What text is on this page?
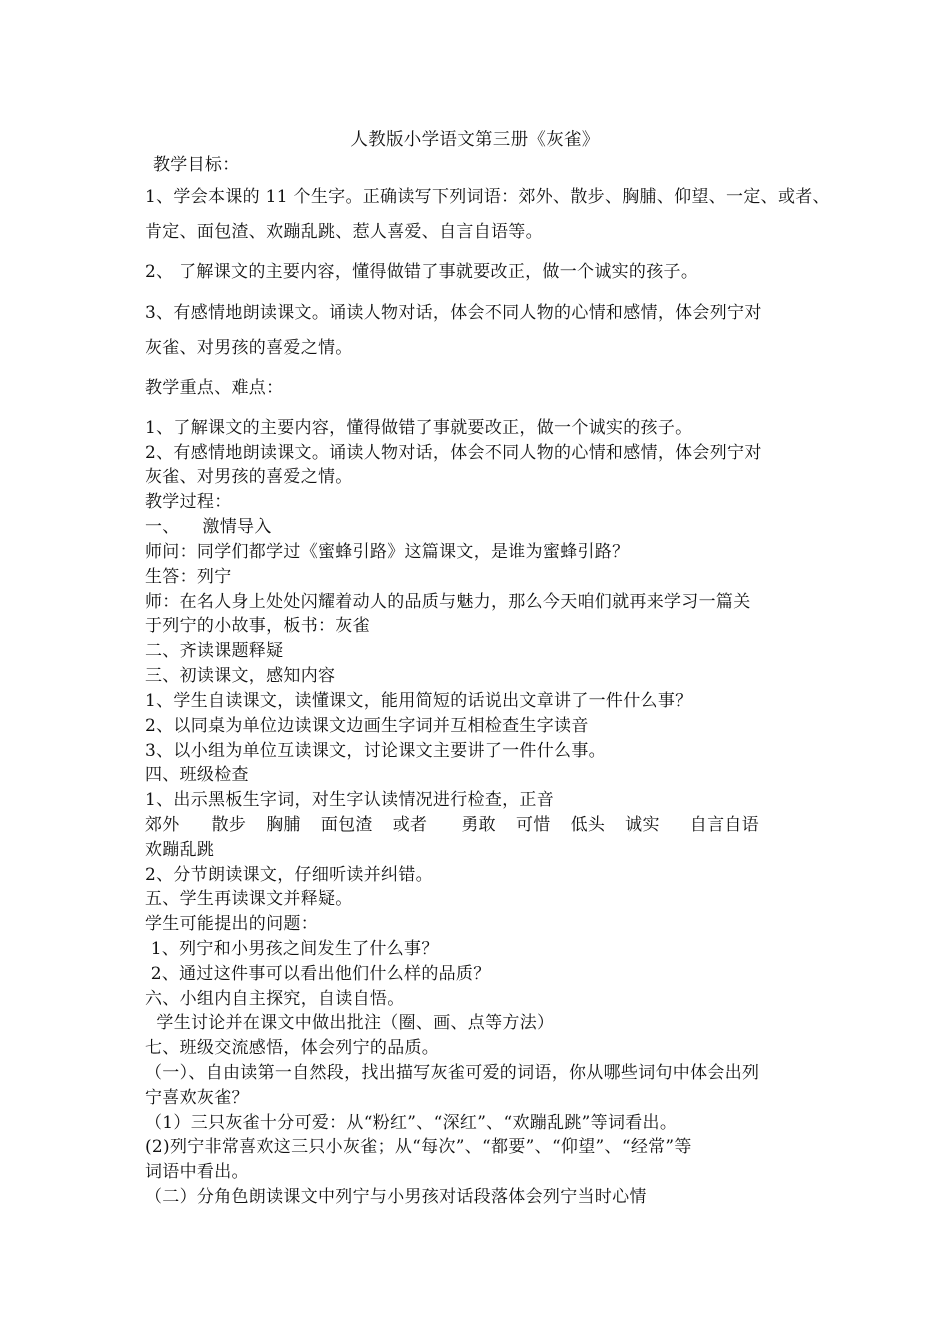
人教版小学语文第三册《灰雀》

教学目标：

1、学会本课的 11 个生字。正确读写下列词语：郊外、散步、胸脯、仰望、一定、或者、

肯定、面包渣、欢蹦乱跳、惹人喜爱、自言自语等。

2、 了解课文的主要内容，懂得做错了事就要改正，做一个诚实的孩子。

3、有感情地朗读课文。诵读人物对话，体会不同人物的心情和感情，体会列宁对

灰雀、对男孩的喜爱之情。

教学重点、难点：

1、了解课文的主要内容，懂得做错了事就要改正，做一个诚实的孩子。

2、有感情地朗读课文。诵读人物对话，体会不同人物的心情和感情，体会列宁对

灰雀、对男孩的喜爱之情。

教学过程：

一、    激情导入

师问：同学们都学过《蜜蜂引路》这篇课文，是谁为蜜蜂引路？

生答：列宁

师：在名人身上处处闪耀着动人的品质与魅力，那么今天咱们就再来学习一篇关

于列宁的小故事，板书：灰雀

二、齐读课题释疑

三、初读课文，感知内容

1、学生自读课文，读懂课文，能用简短的话说出文章讲了一件什么事？

2、以同桌为单位边读课文边画生字词并互相检查生字读音

3、以小组为单位互读课文，讨论课文主要讲了一件什么事。

四、班级检查

1、出示黑板生字词，对生字认读情况进行检查，正音

郊外 散步 胸脯 面包渣 或者 勇敢 可惜 低头 诚实 自言自语

欢蹦乱跳

2、分节朗读课文，仔细听读并纠错。

五、学生再读课文并释疑。

学生可能提出的问题：

1、列宁和小男孩之间发生了什么事？

2、通过这件事可以看出他们什么样的品质？

六、小组内自主探究，自读自悟。

学生讨论并在课文中做出批注（圈、画、点等方法）

七、班级交流感悟，体会列宁的品质。

（一）、自由读第一自然段，找出描写灰雀可爱的词语，你从哪些词句中体会出列

宁喜欢灰雀？

（1）三只灰雀十分可爱：从“粉红”、“深红”、“欢蹦乱跳”等词看出。

(2)列宁非常喜欢这三只小灰雀；从“每次”、“都要”、“仰望”、“经常”等

词语中看出。

（二）分角色朗读课文中列宁与小男孩对话段落体会列宁当时心情
